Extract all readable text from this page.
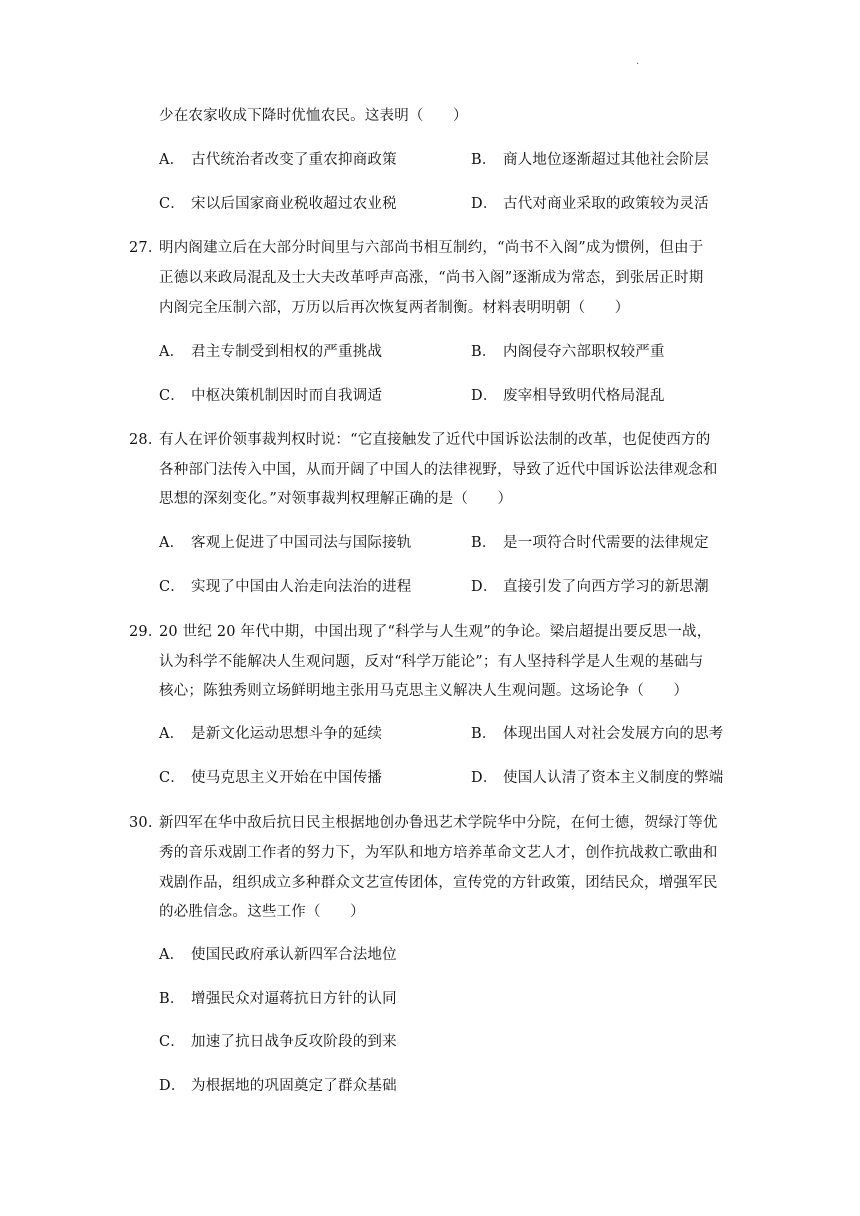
.
少在农家收成下降时优恤农民。这表明（　　）
A． 古代统治者改变了重农抑商政策	B． 商人地位逐渐超过其他社会阶层
C． 宋以后国家商业税收超过农业税	D． 古代对商业采取的政策较为灵活
27．明内阁建立后在大部分时间里与六部尚书相互制约，“尚书不入阁”成为惯例，但由于
正德以来政局混乱及士大夫改革呼声高涨，“尚书入阁”逐渐成为常态，到张居正时期
内阁完全压制六部，万历以后再次恢复两者制衡。材料表明明朝（　　）
A． 君主专制受到相权的严重挑战	B． 内阁侵夺六部职权较严重
C． 中枢决策机制因时而自我调适	D． 废宰相导致明代格局混乱
28．有人在评价领事裁判权时说：“它直接触发了近代中国诉讼法制的改革，也促使西方的
各种部门法传入中国，从而开阔了中国人的法律视野，导致了近代中国诉讼法律观念和
思想的深刻变化。”对领事裁判权理解正确的是（　　）
A． 客观上促进了中国司法与国际接轨	B． 是一项符合时代需要的法律规定
C． 实现了中国由人治走向法治的进程	D． 直接引发了向西方学习的新思潮
29．20 世纪 20 年代中期，中国出现了“科学与人生观”的争论。梁启超提出要反思一战，
认为科学不能解决人生观问题，反对“科学万能论”；有人坚持科学是人生观的基础与
核心；陈独秀则立场鲜明地主张用马克思主义解决人生观问题。这场论争（　　）
A． 是新文化运动思想斗争的延续	B． 体现出国人对社会发展方向的思考
C． 使马克思主义开始在中国传播	D． 使国人认清了资本主义制度的弊端
30. 新四军在华中敌后抗日民主根据地创办鲁迅艺术学院华中分院，在何士德，贺绿汀等优
秀的音乐戏剧工作者的努力下，为军队和地方培养革命文艺人才，创作抗战救亡歌曲和
戏剧作品，组织成立多种群众文艺宣传团体，宣传党的方针政策，团结民众，增强军民
的必胜信念。这些工作（　　）
A． 使国民政府承认新四军合法地位
B． 增强民众对逼蒋抗日方针的认同
C． 加速了抗日战争反攻阶段的到来
D． 为根据地的巩固奠定了群众基础
